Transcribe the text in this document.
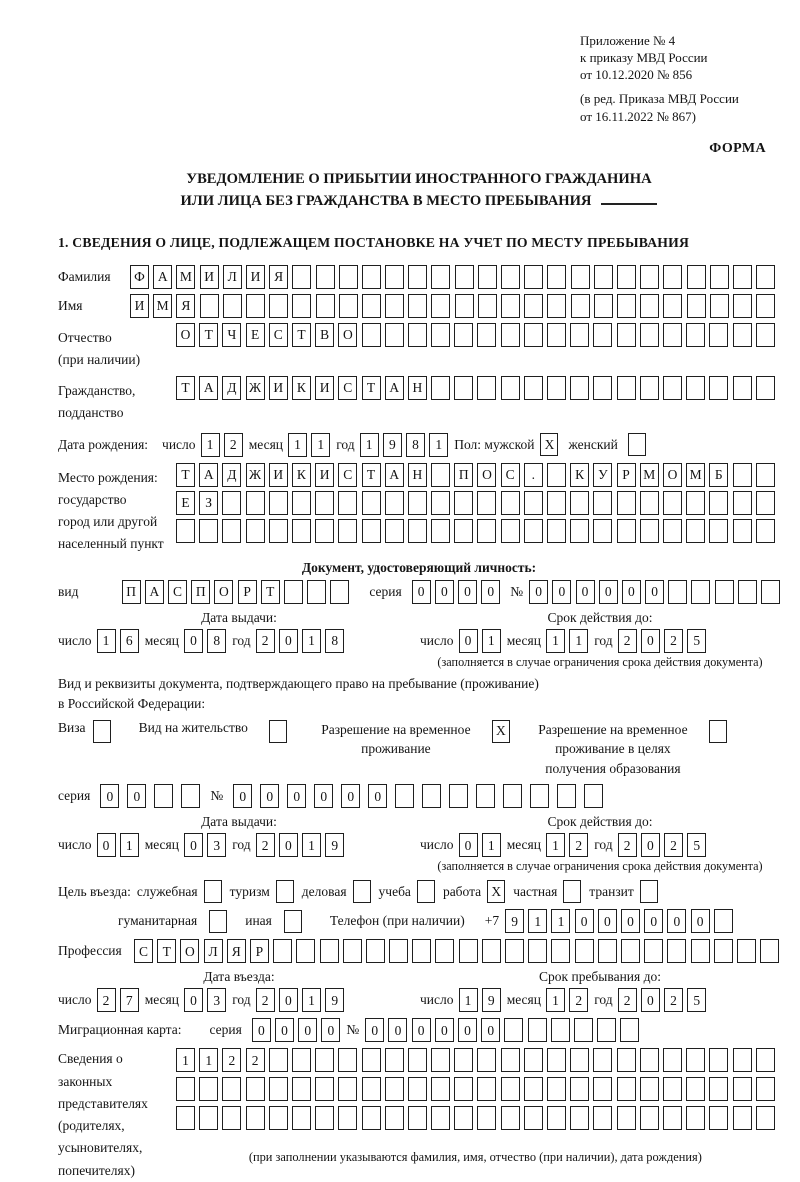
Приложение № 4
к приказу МВД России
от 10.12.2020 № 856
(в ред. Приказа МВД России
от 16.11.2022 № 867)
ФОРМА
УВЕДОМЛЕНИЕ О ПРИБЫТИИ ИНОСТРАННОГО ГРАЖДАНИНА
ИЛИ ЛИЦА БЕЗ ГРАЖДАНСТВА В МЕСТО ПРЕБЫВАНИЯ
1. СВЕДЕНИЯ О ЛИЦЕ, ПОДЛЕЖАЩЕМ ПОСТАНОВКЕ НА УЧЕТ ПО МЕСТУ ПРЕБЫВАНИЯ
Фамилия	Ф А М И	Л	И	Я
Имя	И М Я
Отчество
(при наличии)
О	Т	Ч	Е	С	Т	В	О
Гражданство,
подданство
Т	А	Д Ж И	К	И	С	Т	А Н
Дата рождения: число 1	2 месяц 1	1 год 1	9	8	1 Пол: мужской X	женский
Место рождения:
государство
город или другой
населенный пункт
Т	А	Д Ж И	К	И	С	Т	А Н	П О	С	.	К	У	Р М О М Б
Е	З
Документ, удостоверяющий личность:
вид	П А	С	П О	Р	Т	серия	0	0	0	0	№ 0	0	0	0	0	0
Дата выдачи:
число 1	6 месяц 0	8 год 2	0	1	8
Срок действия до:
число 0	1 месяц 1	1 год 2	0	2	5
(заполняется в случае ограничения срока действия документа)
Вид и реквизиты документа, подтверждающего право на пребывание (проживание)
в Российской Федерации:
Виза	Вид на жительство	Разрешение на временное проживание
X	Разрешение на временное проживание в целях получения образования
серия	0	0	№	0	0	0	0	0	0
Дата выдачи:
число 0	1 месяц 0	3 год 2	0	1	9
Срок действия до:
число 0	1 месяц 1	2 год 2	0	2	5
(заполняется в случае ограничения срока действия документа)
Цель въезда: служебная туризм деловая учеба работа X частная транзит
гуманитарная	иная	Телефон (при наличии) +7 9	1	1	0	0	0	0	0	0
Профессия	С	Т	О	Л	Я	Р
Дата въезда:
число 2	7 месяц 0	3 год 2	0	1	9
Срок пребывания до:
число 1	9 месяц 1	2 год 2	0	2	5
Миграционная карта: серия	0	0	0	0 № 0	0	0	0	0	0
Сведения о
законных
представителях
(родителях,
усыновителях,
попечителях)
1	1	2	2
(при заполнении указываются фамилия, имя, отчество (при наличии), дата рождения)
